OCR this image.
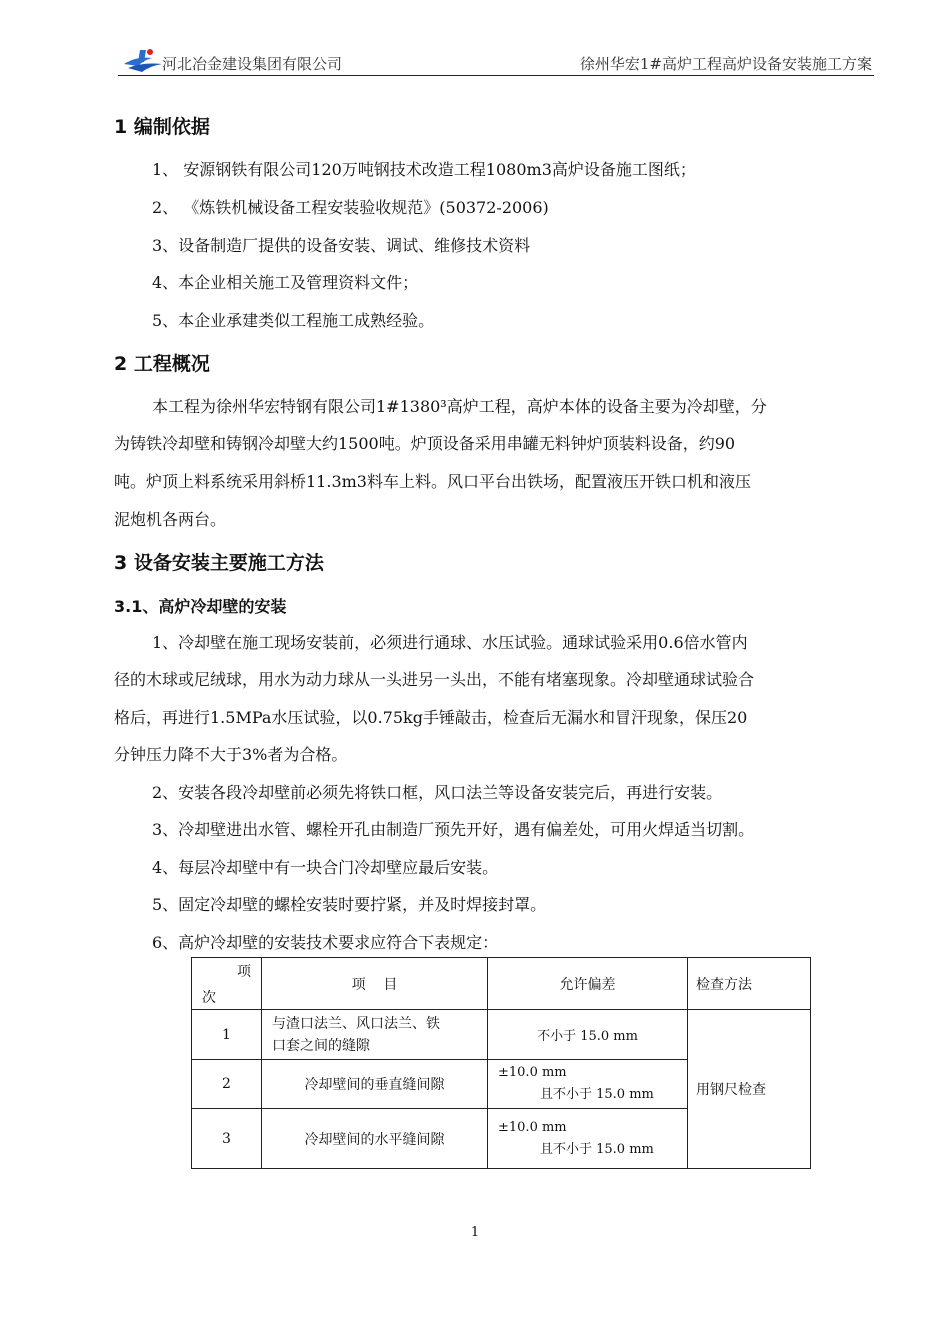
河北冶金建设集团有限公司	徐州华宏1#高炉工程高炉设备安装施工方案
1 编制依据
1、 安源钢铁有限公司120万吨钢技术改造工程1080m3高炉设备施工图纸；
2、 《炼铁机械设备工程安装验收规范》(50372-2006)
3、设备制造厂提供的设备安装、调试、维修技术资料
4、本企业相关施工及管理资料文件；
5、本企业承建类似工程施工成熟经验。
2 工程概况
本工程为徐州华宏特钢有限公司1#1380³高炉工程，高炉本体的设备主要为冷却壁，分
为铸铁冷却壁和铸钢冷却壁大约1500吨。炉顶设备采用串罐无料钟炉顶装料设备，约90
吨。炉顶上料系统采用斜桥11.3m3料车上料。风口平台出铁场，配置液压开铁口机和液压
泥炮机各两台。
3 设备安装主要施工方法
3.1、高炉冷却壁的安装
1、冷却壁在施工现场安装前，必须进行通球、水压试验。通球试验采用0.6倍水管内
径的木球或尼绒球，用水为动力球从一头进另一头出，不能有堵塞现象。冷却壁通球试验合
格后，再进行1.5MPa水压试验，以0.75kg手锤敲击，检查后无漏水和冒汗现象，保压20
分钟压力降不大于3%者为合格。
2、安装各段冷却壁前必须先将铁口框，风口法兰等设备安装完后，再进行安装。
3、冷却壁进出水管、螺栓开孔由制造厂预先开好，遇有偏差处，可用火焊适当切割。
4、每层冷却壁中有一块合门冷却壁应最后安装。
5、固定冷却壁的螺栓安装时要拧紧，并及时焊接封罩。
6、高炉冷却壁的安装技术要求应符合下表规定：
项
次	项    目	允许偏差	检查方法
1	与渣口法兰、风口法兰、铁
口套之间的缝隙	不小于 15.0 mm	用钢尺检查
2	冷却壁间的垂直缝间隙	±10.0 mm
且不小于 15.0 mm	

3	冷却壁间的水平缝间隙	±10.0 mm
且不小于 15.0 mm	
1
